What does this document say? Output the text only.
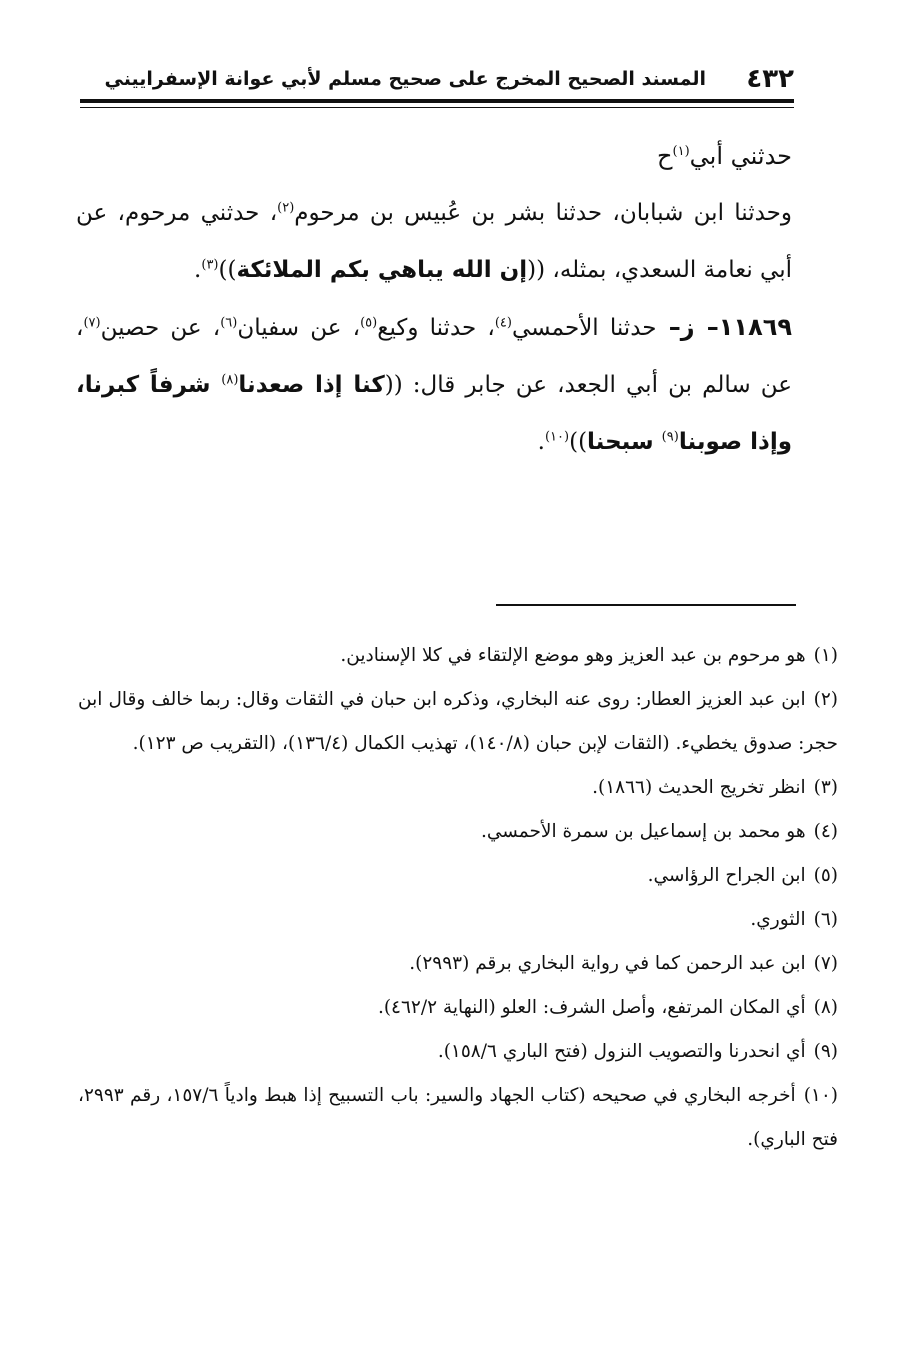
٤٣٢
المسند الصحيح المخرج على صحيح مسلم لأبي عوانة الإسفراييني

حدثني أبي$^{(١)}$ح

وحدثنا ابن شبابان، حدثنا بشر بن عُبيس بن مرحوم$^{(٢)}$، حدثني مرحوم، عن أبي نعامة السعدي، بمثله، ((إن الله يباهي بكم الملائكة))$^{(٣)}$.

١١٨٦٩– ز– حدثنا الأحمسي$^{(٤)}$، حدثنا وكيع$^{(٥)}$، عن سفيان$^{(٦)}$، عن حصين$^{(٧)}$، عن سالم بن أبي الجعد، عن جابر قال: ((كنا إذا صعدنا$^{(٨)}$ شرفاً كبرنا، وإذا صوبنا$^{(٩)}$ سبحنا))$^{(١٠)}$.

(١)هو مرحوم بن عبد العزيز وهو موضع الإلتقاء في كلا الإسنادين.

(٢)ابن عبد العزيز العطار: روى عنه البخاري، وذكره ابن حبان في الثقات وقال: ربما خالف وقال ابن حجر: صدوق يخطيء. (الثقات لإبن حبان (١٤٠/٨)، تهذيب الكمال (١٣٦/٤)، (التقريب ص ١٢٣).

(٣)انظر تخريج الحديث (١٨٦٦).

(٤)هو محمد بن إسماعيل بن سمرة الأحمسي.

(٥)ابن الجراح الرؤاسي.

(٦)الثوري.

(٧)ابن عبد الرحمن كما في رواية البخاري برقم (٢٩٩٣).

(٨)أي المكان المرتفع، وأصل الشرف: العلو (النهاية ٤٦٢/٢).

(٩)أي انحدرنا والتصويب النزول (فتح الباري ١٥٨/٦).

(١٠)أخرجه البخاري في صحيحه (كتاب الجهاد والسير: باب التسبيح إذا هبط وادياً ١٥٧/٦، رقم ٢٩٩٣، فتح الباري).
